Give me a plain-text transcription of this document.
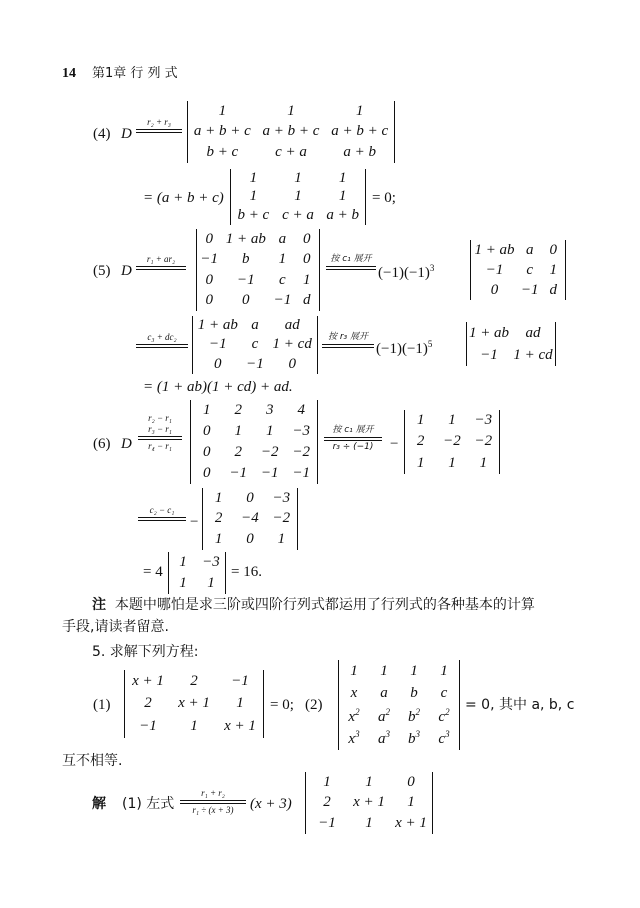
14 第1章 行 列 式
(4) D
r₂ + r₃
1	1	1
a + b + c a + b + c a + b + c
b + c c + a a + b
= (a + b + c)
1 1 1
1 1 1
b + c c + a a + b
= 0;
(5) D
r₁ + ar₂
0 1 + ab a 0
−1 b 1 0
0 −1 c 1
0 0 −1 d
按 c₁ 展开
$(-1)(-1)^3$
1 + ab a 0
−1 c 1
0 −1 d
c₃ + dc₂
1 + ab a ad
−1 c 1 + cd
0 −1 0
按 r₃ 展开
$(-1)(-1)^5$
1 + ab ad
−1 1 + cd
= (1 + ab)(1 + cd) + ad.
(6) D
r₂ − r₁
r₃ − r₁
r₄ − r₁
1 2 3 4
0 1 1 −3
0 2 −2 −2
0 −1 −1 −1
按 c₁ 展开
r₃ ÷ (−1) −
1 1 −3
2 −2 −2
1 1 1
c₂ − c₁
−
1 0 −3
2 −4 −2
1 0 1
= 4
1 −3
1 1
= 16.
注 本题中哪怕是求三阶或四阶行列式都运用了行列式的各种基本的计算
手段,请读者留意.
5. 求解下列方程:
(1)
x + 1 2 −1
2 x + 1 1
−1 1 x + 1
= 0; (2)
1 1 1 1
x a b c
$x^2$ $a^2$ $b^2$ $c^2$
$x^3$ $a^3$ $b^3$ $c^3$
= 0, 其中 a, b, c
互不相等.
解 (1) 左式
r₁ + r₂
r₁ ÷ (x + 3) (x + 3)
1 1 0
2 x + 1 1
−1 1 x + 1
